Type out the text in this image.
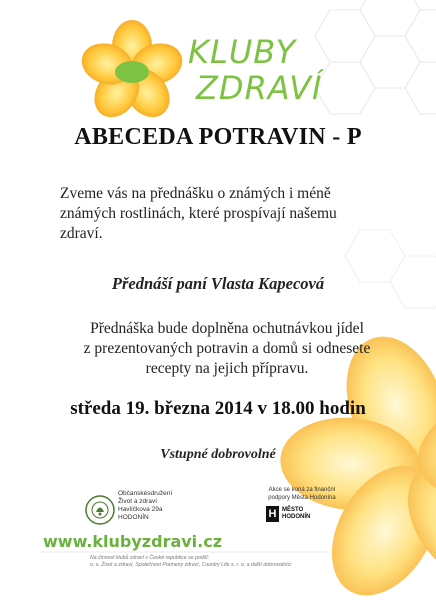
KLUBY
ZDRAVÍ
ABECEDA POTRAVIN - P
Zveme vás na přednášku o známých i méně
známých rostlinách, které prospívají našemu
zdraví.
Přednáší paní Vlasta Kapecová
Přednáška bude doplněna ochutnávkou jídel
z prezentovaných potravin a domů si odnesete
recepty na jejich přípravu.
středa 19. března 2014 v 18.00 hodin
Vstupné dobrovolné
Občanskésdružení
Život a zdraví
Havlíčkova 29a
HODONÍN
Akce se koná za finanční
podpory Města Hodonína
H MĚSTO
HODONÍN
www.klubyzdravi.cz
Na činnost klubů zdraví v České republice se podílí:
o. s. Život a zdraví, Společnost Prameny zdraví, Country Life s. r. o. a další dobrovolníci
